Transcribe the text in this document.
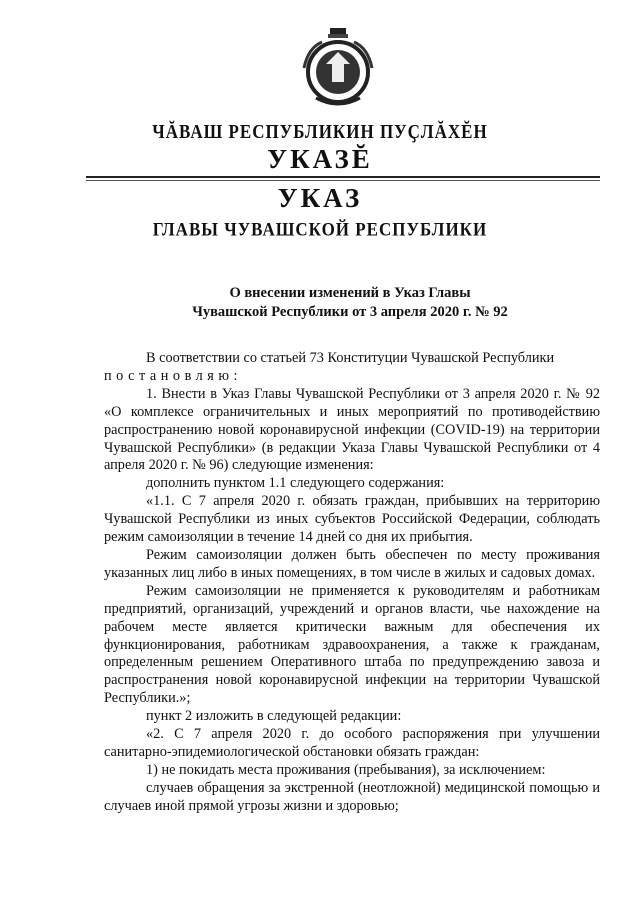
ЧĂВАШ РЕСПУБЛИКИН ПУҪЛĂХĔН
УКАЗĔ
УКАЗ
ГЛАВЫ ЧУВАШСКОЙ РЕСПУБЛИКИ
О внесении изменений в Указ Главы
Чувашской Республики от 3 апреля 2020 г. № 92

В соответствии со статьей 73 Конституции Чувашской Республики

постановляю:

1. Внести в Указ Главы Чувашской Республики от 3 апреля 2020 г. № 92 «О комплексе ограничительных и иных мероприятий по противодействию распространению новой коронавирусной инфекции (COVID-19) на территории Чувашской Республики» (в редакции Указа Главы Чувашской Республики от 4 апреля 2020 г. № 96) следующие изменения:

дополнить пунктом 1.1 следующего содержания:

«1.1. С 7 апреля 2020 г. обязать граждан, прибывших на территорию Чувашской Республики из иных субъектов Российской Федерации, соблюдать режим самоизоляции в течение 14 дней со дня их прибытия.

Режим самоизоляции должен быть обеспечен по месту проживания указанных лиц либо в иных помещениях, в том числе в жилых и садовых домах.

Режим самоизоляции не применяется к руководителям и работникам предприятий, организаций, учреждений и органов власти, чье нахождение на рабочем месте является критически важным для обеспечения их функционирования, работникам здравоохранения, а также к гражданам, определенным решением Оперативного штаба по предупреждению завоза и распространения новой коронавирусной инфекции на территории Чувашской Республики.»;

пункт 2 изложить в следующей редакции:

«2. С 7 апреля 2020 г. до особого распоряжения при улучшении санитарно-эпидемиологической обстановки обязать граждан:

1) не покидать места проживания (пребывания), за исключением:

случаев обращения за экстренной (неотложной) медицинской помощью и случаев иной прямой угрозы жизни и здоровью;
